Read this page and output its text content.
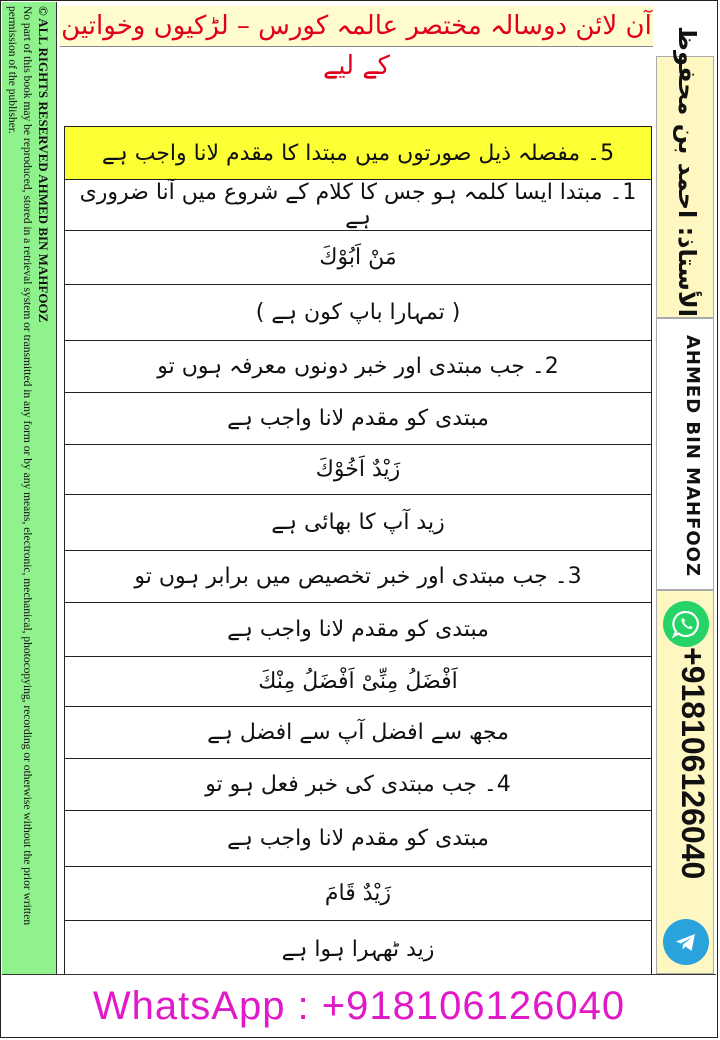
آن لائن دوسالہ مختصر عالمہ کورس – لڑکیوں وخواتین کے لیے
© ALL RIGHTS RESERVED AHMED BIN MAHFOOZ
No part of this book may be reproduced, stored in a retrieval system or transmitted in any form or by any means, electronic, mechanical, photocopying, recording or otherwise without the prior written permission of the publisher.	الأستاذ: احمد بن محفوظ
AHMED BIN MAHFOOZ
+918106126040
5۔ مفصلہ ذیل صورتوں میں مبتدا کا مقدم لانا واجب ہے
1۔ مبتدا ایسا کلمہ ہو جس کا کلام کے شروع میں آنا ضروری ہے
مَنْ اَبُوْكَ
( تمہارا باپ کون ہے )
2۔ جب مبتدی اور خبر دونوں معرفہ ہوں تو
مبتدی کو مقدم لانا واجب ہے
زَيْدٌ اَخُوْكَ
زید آپ کا بھائی ہے
3۔ جب مبتدی اور خبر تخصیص میں برابر ہوں تو
مبتدی کو مقدم لانا واجب ہے
اَفْضَلُ مِنِّىْ اَفْضَلُ مِنْكَ
مجھ سے افضل آپ سے افضل ہے
4۔ جب مبتدی کی خبر فعل ہو تو
مبتدی کو مقدم لانا واجب ہے
زَيْدٌ قَامَ
زید ٹھہرا ہوا ہے
WhatsApp : +918106126040
